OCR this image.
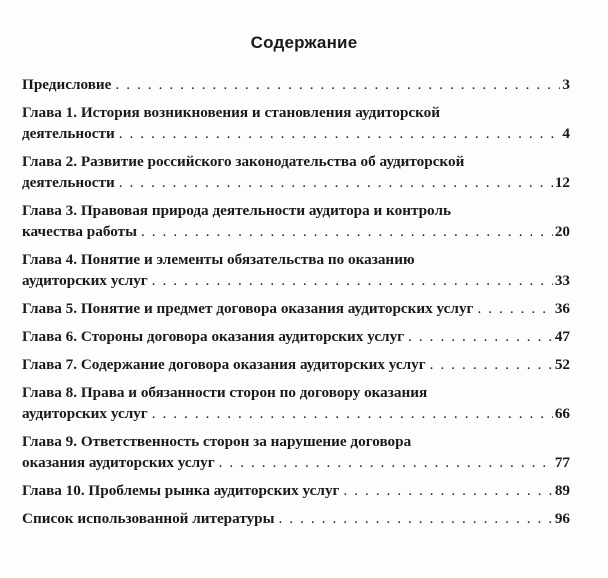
Содержание
Предисловие . . .	3
Глава 1. История возникновения и становления аудиторской
деятельности . . .	4
Глава 2. Развитие российского законодательства об аудиторской
деятельности . . .	12
Глава 3. Правовая природа деятельности аудитора и контроль
качества работы . . .	20
Глава 4. Понятие и элементы обязательства по оказанию
аудиторских услуг . . .	33
Глава 5. Понятие и предмет договора оказания аудиторских услуг . . .	36
Глава 6. Стороны договора оказания аудиторских услуг . . .	47
Глава 7. Содержание договора оказания аудиторских услуг . . .	52
Глава 8. Права и обязанности сторон по договору оказания
аудиторских услуг . . .	66
Глава 9. Ответственность сторон за нарушение договора
оказания аудиторских услуг . . .	77
Глава 10. Проблемы рынка аудиторских услуг . . .	89
Список использованной литературы . . .	96
